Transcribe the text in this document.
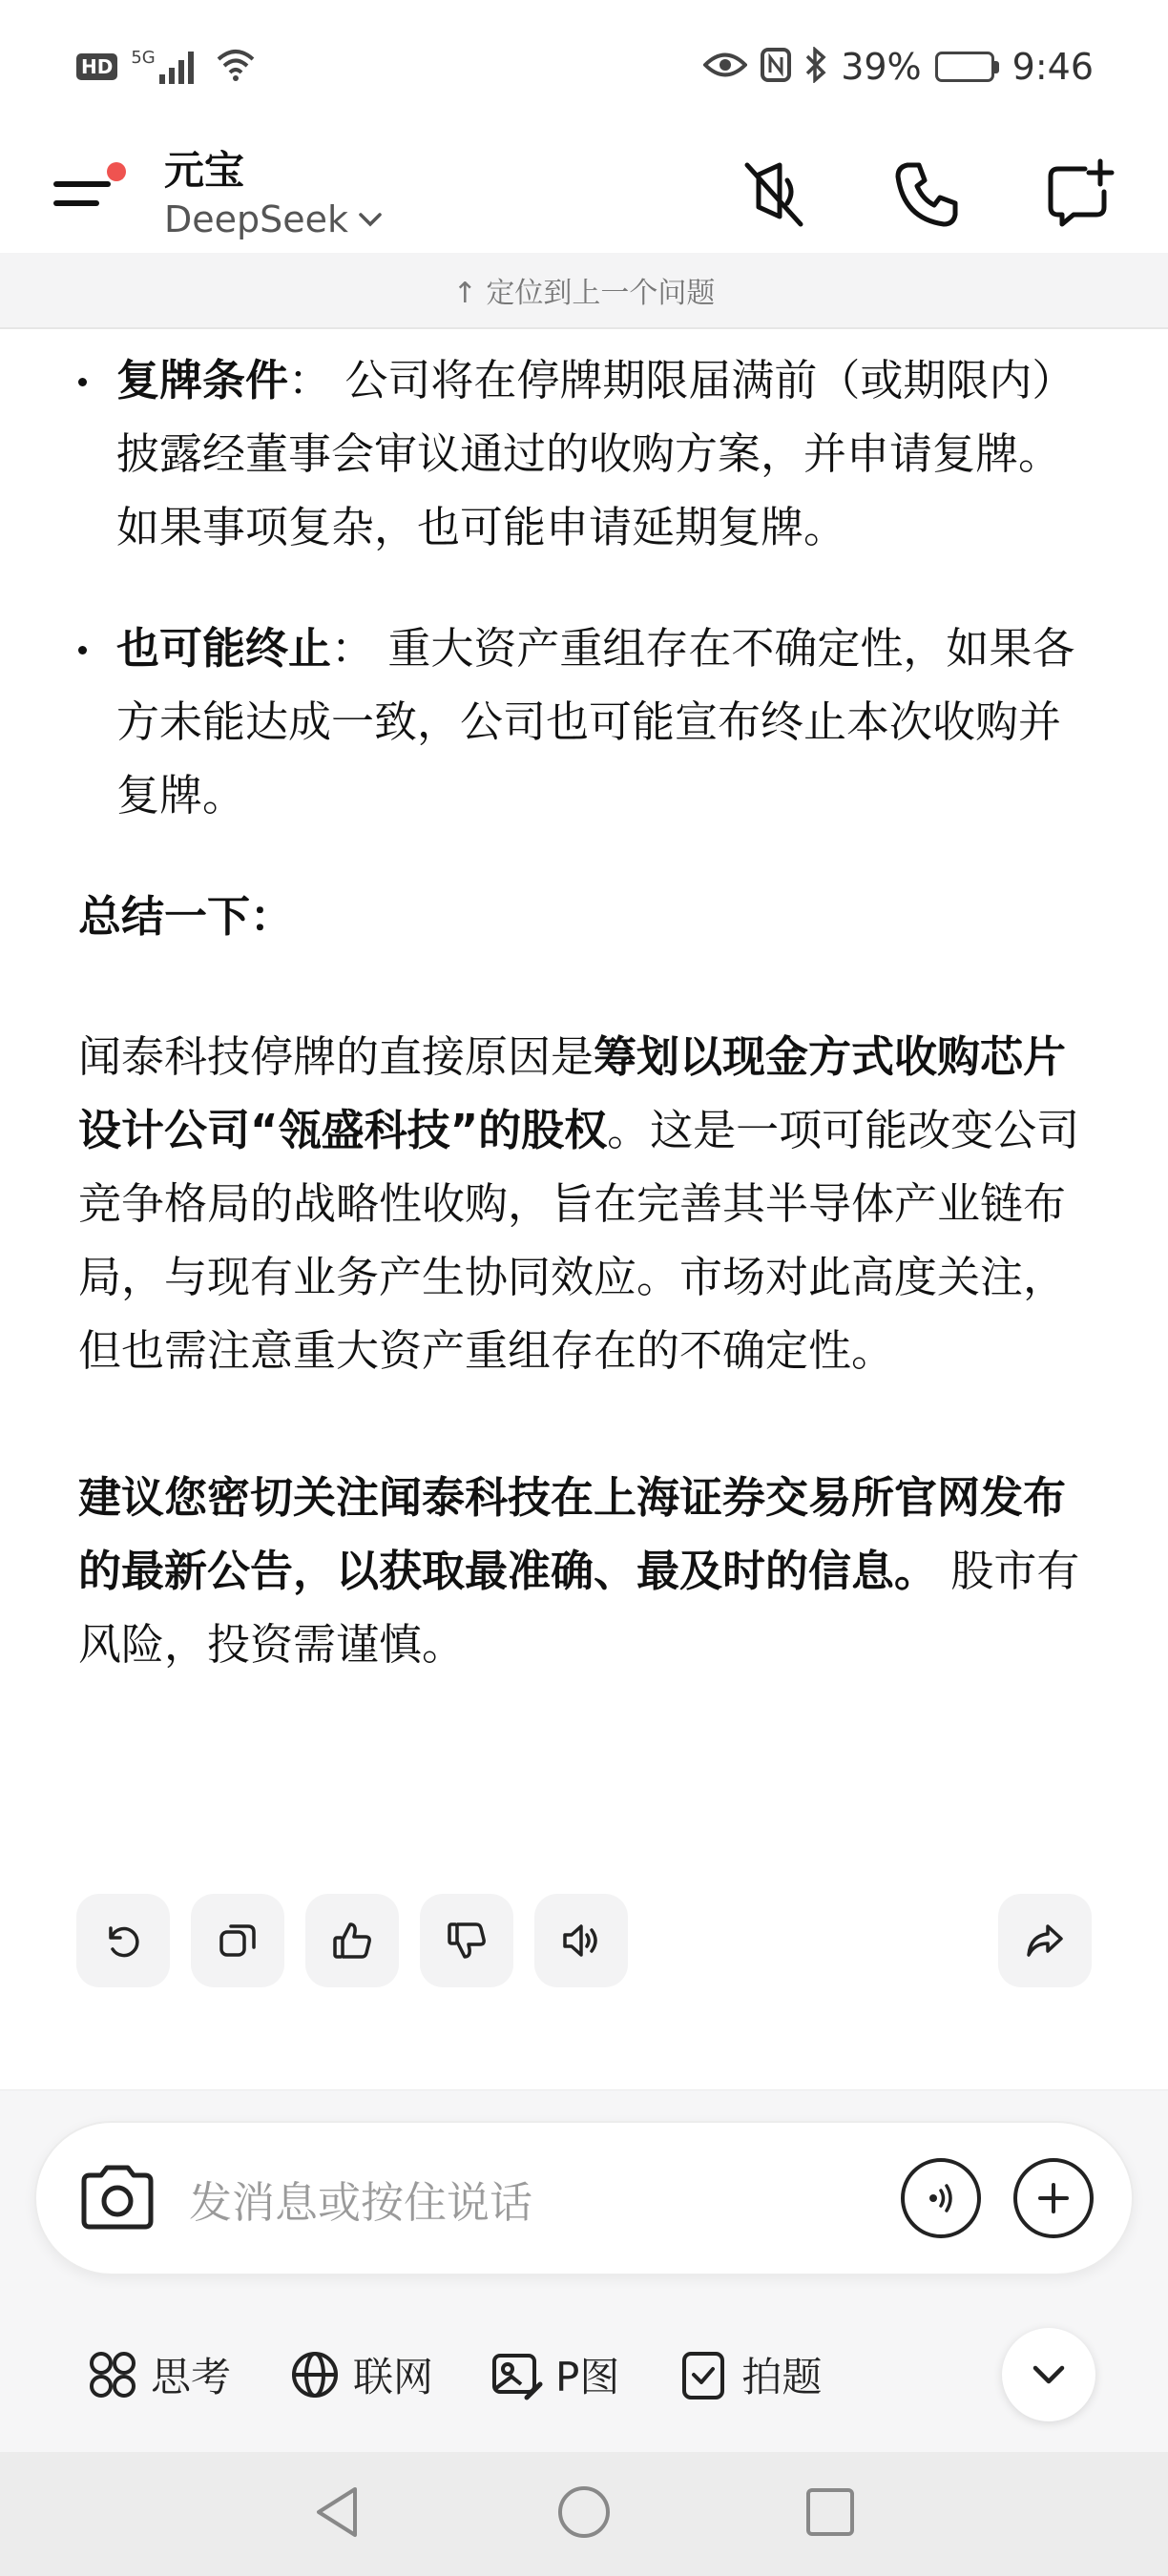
HD 5G	39%	9:46
元宝
DeepSeek
↑ 定位到上一个问题
复牌条件： 公司将在停牌期限届满前（或期限内）披露经董事会审议通过的收购方案，并申请复牌。如果事项复杂，也可能申请延期复牌。
也可能终止： 重大资产重组存在不确定性，如果各方未能达成一致，公司也可能宣布终止本次收购并复牌。
总结一下：
闻泰科技停牌的直接原因是筹划以现金方式收购芯片设计公司“瓴盛科技”的股权。这是一项可能改变公司竞争格局的战略性收购，旨在完善其半导体产业链布局，与现有业务产生协同效应。市场对此高度关注，但也需注意重大资产重组存在的不确定性。
建议您密切关注闻泰科技在上海证券交易所官网发布的最新公告，以获取最准确、最及时的信息。 股市有风险，投资需谨慎。
发消息或按住说话
思考	联网	P图	拍题
